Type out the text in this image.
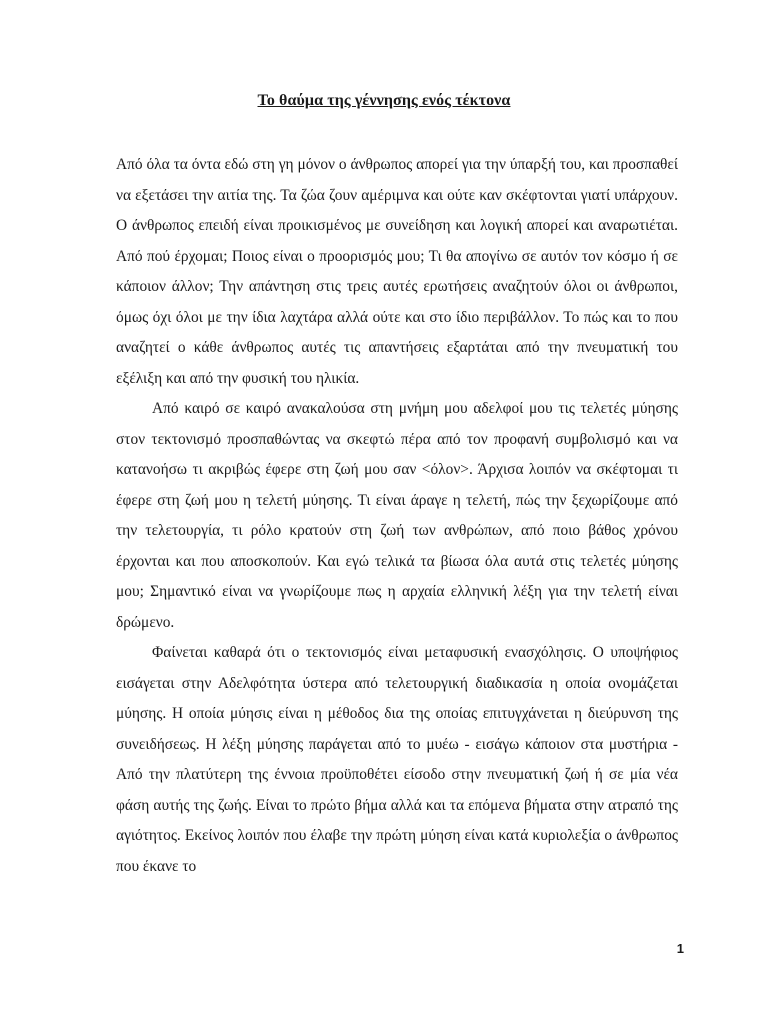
Το θαύμα της γέννησης ενός τέκτονα

Από όλα τα όντα εδώ στη γη μόνον ο άνθρωπος απορεί για την ύπαρξή του, και προσπαθεί να εξετάσει την αιτία της. Τα ζώα ζουν αμέριμνα και ούτε καν σκέφτονται γιατί υπάρχουν. Ο άνθρωπος επειδή είναι προικισμένος με συνείδηση και λογική απορεί και αναρωτιέται. Από πού έρχομαι; Ποιος είναι ο προορισμός μου; Τι θα απογίνω σε αυτόν τον κόσμο ή σε κάποιον άλλον; Την απάντηση στις τρεις αυτές ερωτήσεις αναζητούν όλοι οι άνθρωποι, όμως όχι όλοι με την ίδια λαχτάρα αλλά ούτε και στο ίδιο περιβάλλον. Το πώς και το που αναζητεί ο κάθε άνθρωπος αυτές τις απαντήσεις εξαρτάται από την πνευματική του εξέλιξη και από την φυσική του ηλικία.

Από καιρό σε καιρό ανακαλούσα στη μνήμη μου αδελφοί μου τις τελετές μύησης στον τεκτονισμό προσπαθώντας να σκεφτώ πέρα από τον προφανή συμβολισμό και να κατανοήσω τι ακριβώς έφερε στη ζωή μου σαν <όλον>. Άρχισα λοιπόν να σκέφτομαι τι έφερε στη ζωή μου η τελετή μύησης. Τι είναι άραγε η τελετή, πώς την ξεχωρίζουμε από την τελετουργία, τι ρόλο κρατούν στη ζωή των ανθρώπων, από ποιο βάθος χρόνου έρχονται και που αποσκοπούν. Και εγώ τελικά τα βίωσα όλα αυτά στις τελετές μύησης μου; Σημαντικό είναι να γνωρίζουμε πως η αρχαία ελληνική λέξη για την τελετή είναι δρώμενο.

Φαίνεται καθαρά ότι ο τεκτονισμός είναι μεταφυσική ενασχόλησις. Ο υποψήφιος εισάγεται στην Αδελφότητα ύστερα από τελετουργική διαδικασία η οποία ονομάζεται μύησης. Η οποία μύησις είναι η μέθοδος δια της οποίας επιτυγχάνεται η διεύρυνση της συνειδήσεως. Η λέξη μύησης παράγεται από το μυέω - εισάγω κάποιον στα μυστήρια - Από την πλατύτερη της έννοια προϋποθέτει είσοδο στην πνευματική ζωή ή σε μία νέα φάση αυτής της ζωής. Είναι το πρώτο βήμα αλλά και τα επόμενα βήματα στην ατραπό της αγιότητος. Εκείνος λοιπόν που έλαβε την πρώτη μύηση είναι κατά κυριολεξία ο άνθρωπος που έκανε το

1
